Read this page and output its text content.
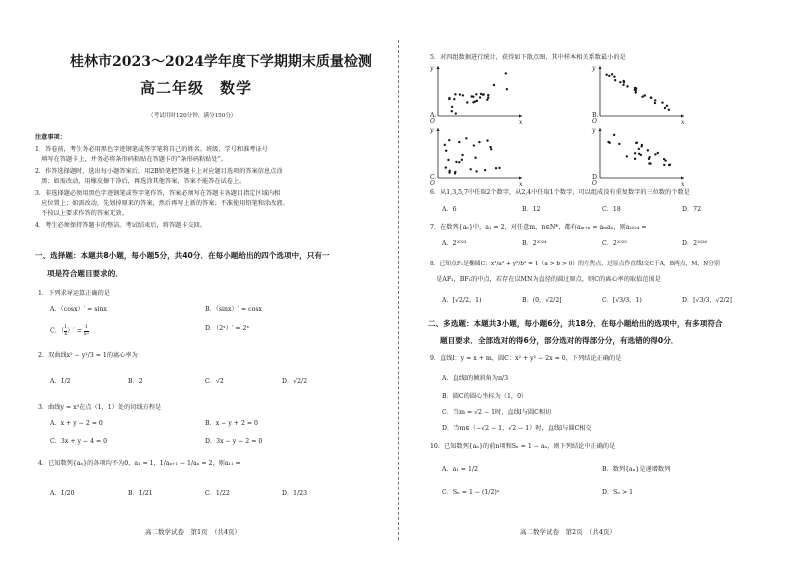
桂林市2023～2024学年度下学期期末质量检测
高二年级　数学
（考试用时120分钟，满分150分）
注意事项：
1．答卷前，考生务必用黑色字迹钢笔或签字笔将自己的姓名、班级、学号和准考证号
　填写在答题卡上，并务必将条形码粘贴在答题卡的“条形码粘贴处”。
2．作答选择题时，选出每小题答案后，用2B铅笔把答题卡上对应题目选项的答案信息点涂
　黑；如需改动，用橡皮擦干净后，再选涂其他答案，答案不能答在试卷上。
3．非选择题必须用黑色字迹钢笔或签字笔作答，答案必须写在答题卡各题目指定区域内相
　应位置上；如需改动，先划掉原来的答案，然后再写上新的答案；不准使用铅笔和涂改液。
　不按以上要求作答的答案无效。
4．考生必须保持答题卡的整洁。考试结束后，将答题卡交回。
一、选择题：本题共8小题，每小题5分，共40分．在每小题给出的四个选项中，只有一
项是符合题目要求的．
1．下列求导运算正确的是
A．（cosx）′ = sinx	B．（sinx）′ = cosx
C．（ $\frac{1}{x}$ ）′ = $\frac{1}{\text{x²}}$	D．（2ˣ）′ = 2ˣ
2．双曲线x² − y²/3 = 1的离心率为
A．1/2	B．2	C．√2	D．√2/2
3．曲线y = x³在点（1，1）处的切线方程是
A．x + y − 2 = 0	B．x − y + 2 = 0
C．3x + y − 4 = 0	D．3x − y − 2 = 0
4．已知数列{aₙ}的各项均不为0，a₁ = 1，1/aₙ₊₁ − 1/aₙ = 2，则a₁₁ =
A．1/20	B．1/21	C．1/22	D．1/23
高二数学试卷　第1页　（共4页）
5．对四组数据进行统计，获得如下散点图，其中样本相关系数最小的是
x
y
O	x
y
O
x
y
O	x
y
O
A．	B．
C．	D．
6．从1,3,5,7中任取2个数字，从2,4中任取1个数字，可以组成没有重复数字的三位数的个数是
A．6	B．12	C．18	D．72
7．在数列{aₙ}中，a₁ = 2，对任意m，n∈N*，都有aₘ₊ₙ = aₘaₙ，则a₂₀₂₄ =
A．2²⁰²³	B．2²⁰²⁴	C．2²⁰²⁵	D．2²⁰²⁶
8．已知点F₁是椭圆C：x²/a² + y²/b² = 1（a > b > 0）的左焦点，过原点作直线l交C于A，B两点，M，N分别
　是AF₁，BF₁的中点，若存在以MN为直径的圆过原点，则C的离心率的取值范围是
A．[√2/2，1)	B．(0，√2/2]	C．[√3/3，1)	D．[√3/3，√2/2]
二、多选题：本题共3小题，每小题6分，共18分．在每小题给出的选项中，有多项符合
题目要求．全部选对的得6分，部分选对的得部分分，有选错的得0分．
9．直线l：y = x + m，圆C：x² + y² − 2x = 0，下列结论正确的是
A．直线l的倾斜角为π/3
B．圆C的圆心坐标为（1，0）
C．当m = √2 − 1时，直线l与圆C相切
D．当m∈（−√2 − 1，√2 − 1）时，直线l与圆C相交
10．已知数列{aₙ}的前n项和Sₙ = 1 − aₙ，则下列结论中正确的是
A．a₁ = 1/2	B．数列{aₙ}是递增数列
C．Sₙ = 1 − (1/2)ⁿ	D．Sₙ > 1
高二数学试卷　第2页　（共4页）
